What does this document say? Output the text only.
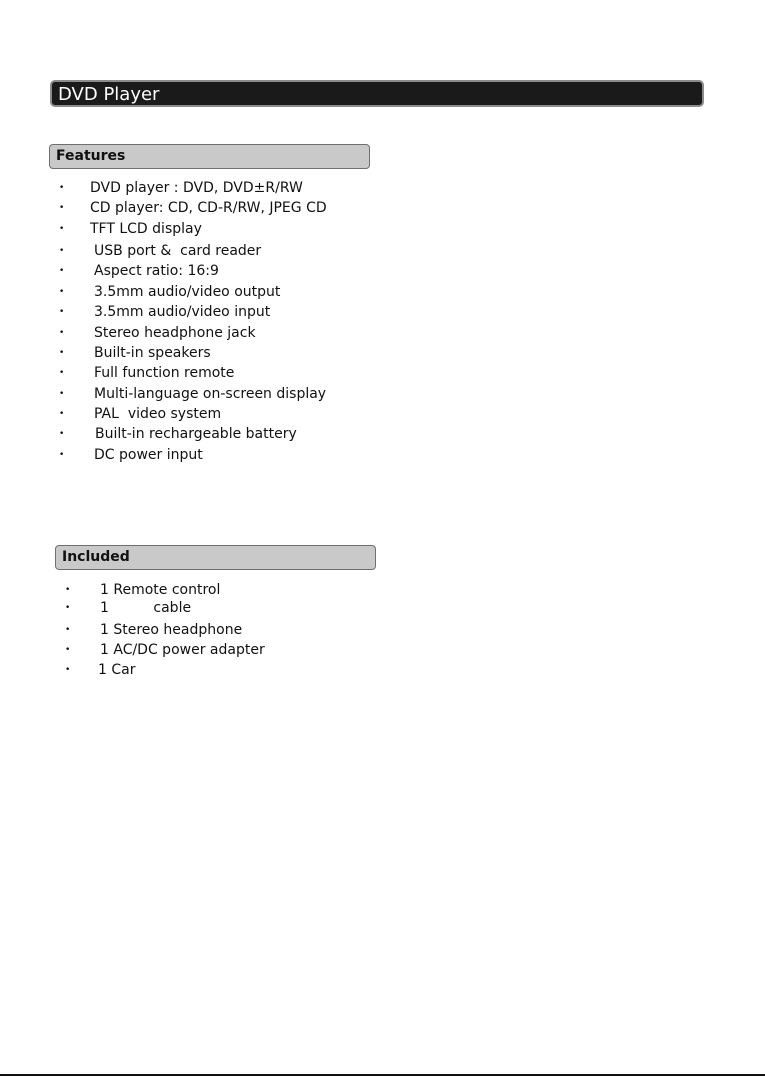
DVD Player
Features
• DVD player : DVD, DVD±R/RW
• CD player: CD, CD-R/RW, JPEG CD
• TFT LCD display
• USB port &  card reader
• Aspect ratio: 16:9
• 3.5mm audio/video output
• 3.5mm audio/video input
• Stereo headphone jack
• Built-in speakers
• Full function remote
• Multi-language on-screen display
• PAL  video system
• Built-in rechargeable battery
• DC power input
Included
• 1 Remote control
• 1          cable
• 1 Stereo headphone
• 1 AC/DC power adapter
• 1 Car
